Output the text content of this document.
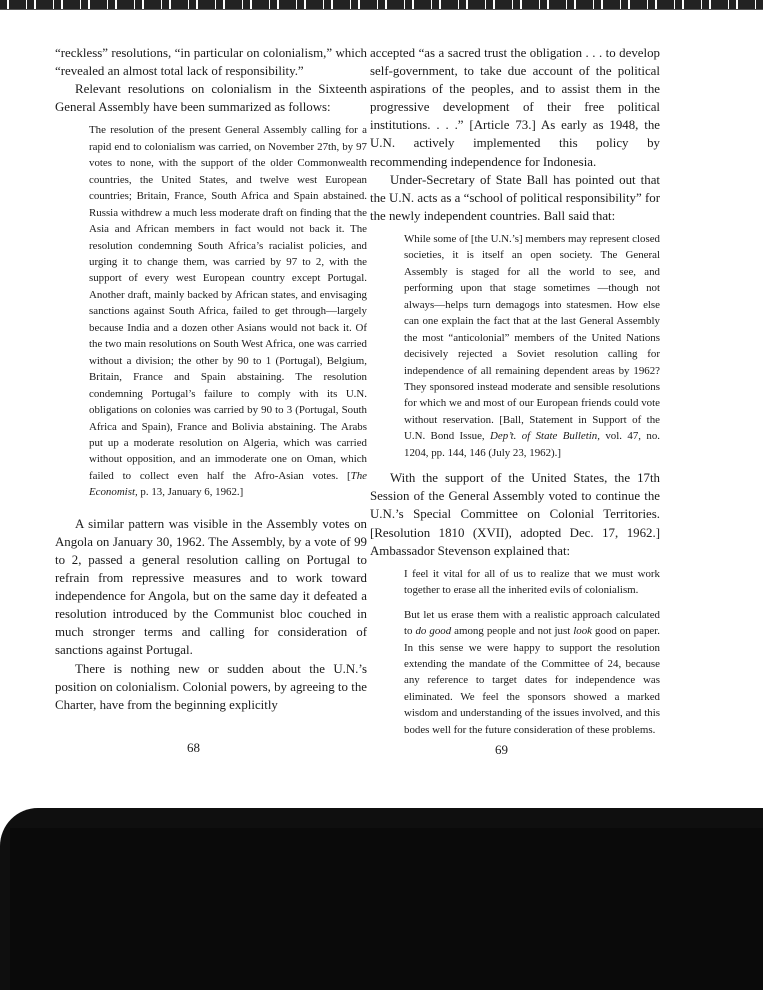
“reckless” resolutions, “in particular on colonialism,” which “revealed an almost total lack of responsibility.”

Relevant resolutions on colonialism in the Sixteenth General Assembly have been summarized as follows:

The resolution of the present General Assembly calling for a rapid end to colonialism was carried, on November 27th, by 97 votes to none, with the support of the older Commonwealth countries, the United States, and twelve west European countries; Britain, France, South Africa and Spain abstained. Russia withdrew a much less moderate draft on finding that the Asia and African members in fact would not back it. The resolution condemning South Africa’s racialist policies, and urging it to change them, was carried by 97 to 2, with the support of every west European country except Portugal. Another draft, mainly backed by African states, and envisaging sanctions against South Africa, failed to get through—largely because India and a dozen other Asians would not back it. Of the two main resolutions on South West Africa, one was carried without a division; the other by 90 to 1 (Portugal), Belgium, Britain, France and Spain abstaining. The resolution condemning Portugal’s failure to comply with its U.N. obligations on colonies was carried by 90 to 3 (Portugal, South Africa and Spain), France and Bolivia abstaining. The Arabs put up a moderate resolution on Algeria, which was carried without opposition, and an immoderate one on Oman, which failed to collect even half the Afro-Asian votes. [The Economist, p. 13, January 6, 1962.]

A similar pattern was visible in the Assembly votes on Angola on January 30, 1962. The Assembly, by a vote of 99 to 2, passed a general resolution calling on Portugal to refrain from repressive measures and to work toward independence for Angola, but on the same day it defeated a resolution introduced by the Communist bloc couched in much stronger terms and calling for consideration of sanctions against Portugal.

There is nothing new or sudden about the U.N.’s position on colonialism. Colonial powers, by agreeing to the Charter, have from the beginning explicitly

accepted “as a sacred trust the obligation . . . to develop self-government, to take due account of the political aspirations of the peoples, and to assist them in the progressive development of their free political institutions. . . .” [Article 73.] As early as 1948, the U.N. actively implemented this policy by recommending independence for Indonesia.

Under-Secretary of State Ball has pointed out that the U.N. acts as a “school of political responsibility” for the newly independent countries. Ball said that:

While some of [the U.N.’s] members may represent closed societies, it is itself an open society. The General Assembly is staged for all the world to see, and performing upon that stage sometimes —though not always—helps turn demagogs into statesmen. How else can one explain the fact that at the last General Assembly the most “anticolonial” members of the United Nations decisively rejected a Soviet resolution calling for independence of all remaining dependent areas by 1962? They sponsored instead moderate and sensible resolutions for which we and most of our European friends could vote without reservation. [Ball, Statement in Support of the U.N. Bond Issue, Dep’t. of State Bulletin, vol. 47, no. 1204, pp. 144, 146 (July 23, 1962).]

With the support of the United States, the 17th Session of the General Assembly voted to continue the U.N.’s Special Committee on Colonial Territories. [Resolution 1810 (XVII), adopted Dec. 17, 1962.] Ambassador Stevenson explained that:

I feel it vital for all of us to realize that we must work together to erase all the inherited evils of colonialism.

But let us erase them with a realistic approach calculated to do good among people and not just look good on paper. In this sense we were happy to support the resolution extending the mandate of the Committee of 24, because any reference to target dates for independence was eliminated. We feel the sponsors showed a marked wisdom and understanding of the issues involved, and this bodes well for the future consideration of these problems.

68	69
